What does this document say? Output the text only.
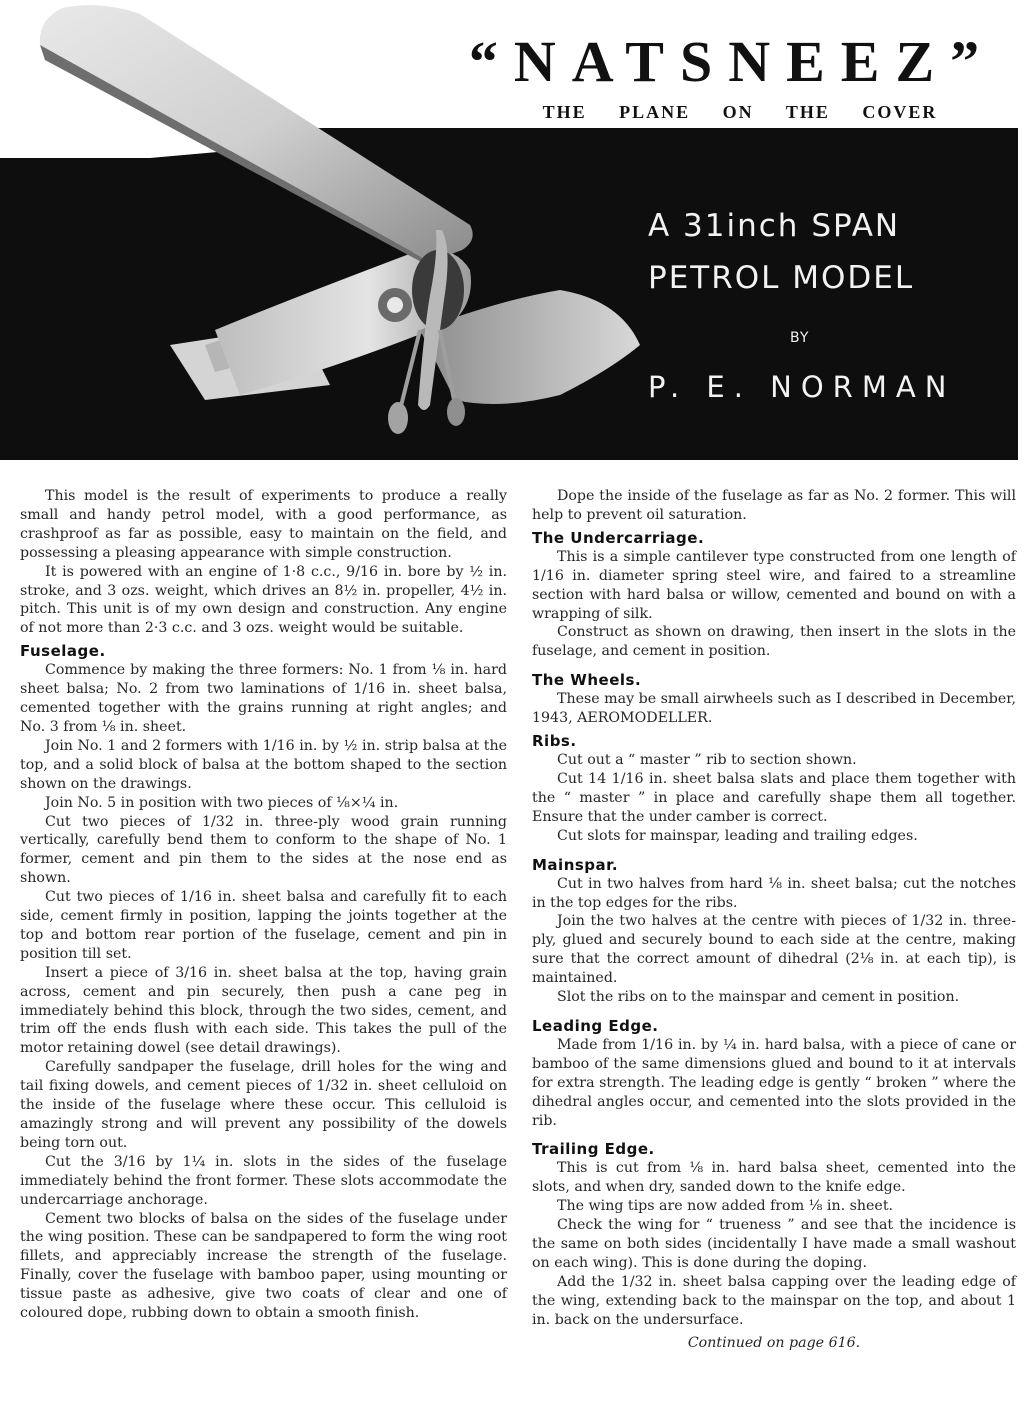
“NATSNEEZ”
THE PLANE ON THE COVER
A 31inch SPAN
PETROL MODEL
BY
P. E. NORMAN

This model is the result of experiments to produce a really small and handy petrol model, with a good performance, as crashproof as far as possible, easy to maintain on the field, and possessing a pleasing appearance with simple construction.

It is powered with an engine of 1·8 c.c., 9/16 in. bore by ½ in. stroke, and 3 ozs. weight, which drives an 8½ in. propeller, 4½ in. pitch. This unit is of my own design and construction. Any engine of not more than 2·3 c.c. and 3 ozs. weight would be suitable.

Fuselage.

Commence by making the three formers: No. 1 from ⅛ in. hard sheet balsa; No. 2 from two laminations of 1/16 in. sheet balsa, cemented together with the grains running at right angles; and No. 3 from ⅛ in. sheet.

Join No. 1 and 2 formers with 1/16 in. by ½ in. strip balsa at the top, and a solid block of balsa at the bottom shaped to the section shown on the drawings.

Join No. 5 in position with two pieces of ⅛×¼ in.

Cut two pieces of 1/32 in. three-ply wood grain running vertically, carefully bend them to conform to the shape of No. 1 former, cement and pin them to the sides at the nose end as shown.

Cut two pieces of 1/16 in. sheet balsa and carefully fit to each side, cement firmly in position, lapping the joints together at the top and bottom rear portion of the fuselage, cement and pin in position till set.

Insert a piece of 3/16 in. sheet balsa at the top, having grain across, cement and pin securely, then push a cane peg in immediately behind this block, through the two sides, cement, and trim off the ends flush with each side. This takes the pull of the motor retaining dowel (see detail drawings).

Carefully sandpaper the fuselage, drill holes for the wing and tail fixing dowels, and cement pieces of 1/32 in. sheet celluloid on the inside of the fuselage where these occur. This celluloid is amazingly strong and will prevent any possibility of the dowels being torn out.

Cut the 3/16 by 1¼ in. slots in the sides of the fuselage immediately behind the front former. These slots accommodate the undercarriage anchorage.

Cement two blocks of balsa on the sides of the fuselage under the wing position. These can be sandpapered to form the wing root fillets, and appreciably increase the strength of the fuselage. Finally, cover the fuselage with bamboo paper, using mounting or tissue paste as adhesive, give two coats of clear and one of coloured dope, rubbing down to obtain a smooth finish.

Dope the inside of the fuselage as far as No. 2 former. This will help to prevent oil saturation.

The Undercarriage.

This is a simple cantilever type constructed from one length of 1/16 in. diameter spring steel wire, and faired to a streamline section with hard balsa or willow, cemented and bound on with a wrapping of silk.

Construct as shown on drawing, then insert in the slots in the fuselage, and cement in position.

The Wheels.

These may be small airwheels such as I described in December, 1943, AEROMODELLER.

Ribs.

Cut out a “ master ” rib to section shown.

Cut 14 1/16 in. sheet balsa slats and place them together with the “ master ” in place and carefully shape them all together. Ensure that the under camber is correct.

Cut slots for mainspar, leading and trailing edges.

Mainspar.

Cut in two halves from hard ⅛ in. sheet balsa; cut the notches in the top edges for the ribs.

Join the two halves at the centre with pieces of 1/32 in. three-ply, glued and securely bound to each side at the centre, making sure that the correct amount of dihedral (2⅛ in. at each tip), is maintained.

Slot the ribs on to the mainspar and cement in position.

Leading Edge.

Made from 1/16 in. by ¼ in. hard balsa, with a piece of cane or bamboo of the same dimensions glued and bound to it at intervals for extra strength. The leading edge is gently “ broken ” where the dihedral angles occur, and cemented into the slots provided in the rib.

Trailing Edge.

This is cut from ⅛ in. hard balsa sheet, cemented into the slots, and when dry, sanded down to the knife edge.

The wing tips are now added from ⅛ in. sheet.

Check the wing for “ trueness ” and see that the incidence is the same on both sides (incidentally I have made a small washout on each wing). This is done during the doping.

Add the 1/32 in. sheet balsa capping over the leading edge of the wing, extending back to the mainspar on the top, and about 1 in. back on the undersurface.

Continued on page 616.
